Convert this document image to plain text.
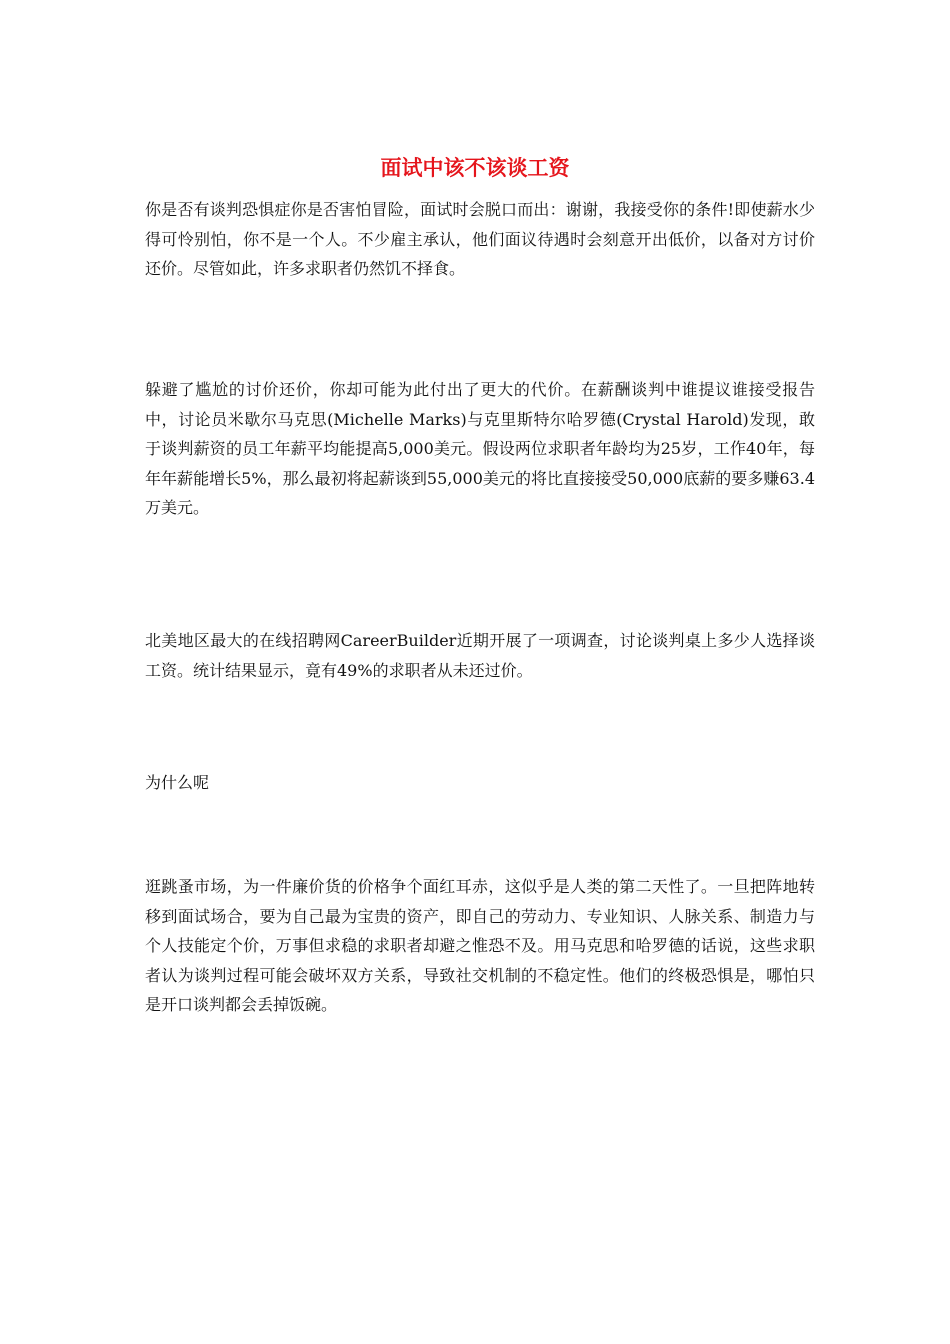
面试中该不该谈工资

你是否有谈判恐惧症你是否害怕冒险，面试时会脱口而出：谢谢，我接受你的条件!即使薪水少得可怜别怕，你不是一个人。不少雇主承认，他们面议待遇时会刻意开出低价，以备对方讨价还价。尽管如此，许多求职者仍然饥不择食。

躲避了尴尬的讨价还价，你却可能为此付出了更大的代价。在薪酬谈判中谁提议谁接受报告中，讨论员米歇尔马克思(Michelle Marks)与克里斯特尔哈罗德(Crystal Harold)发现，敢于谈判薪资的员工年薪平均能提高5,000美元。假设两位求职者年龄均为25岁，工作40年，每年年薪能增长5%，那么最初将起薪谈到55,000美元的将比直接接受50,000底薪的要多赚63.4万美元。

北美地区最大的在线招聘网CareerBuilder近期开展了一项调查，讨论谈判桌上多少人选择谈工资。统计结果显示，竟有49%的求职者从未还过价。

为什么呢

逛跳蚤市场，为一件廉价货的价格争个面红耳赤，这似乎是人类的第二天性了。一旦把阵地转移到面试场合，要为自己最为宝贵的资产，即自己的劳动力、专业知识、人脉关系、制造力与个人技能定个价，万事但求稳的求职者却避之惟恐不及。用马克思和哈罗德的话说，这些求职者认为谈判过程可能会破坏双方关系，导致社交机制的不稳定性。他们的终极恐惧是，哪怕只是开口谈判都会丢掉饭碗。
